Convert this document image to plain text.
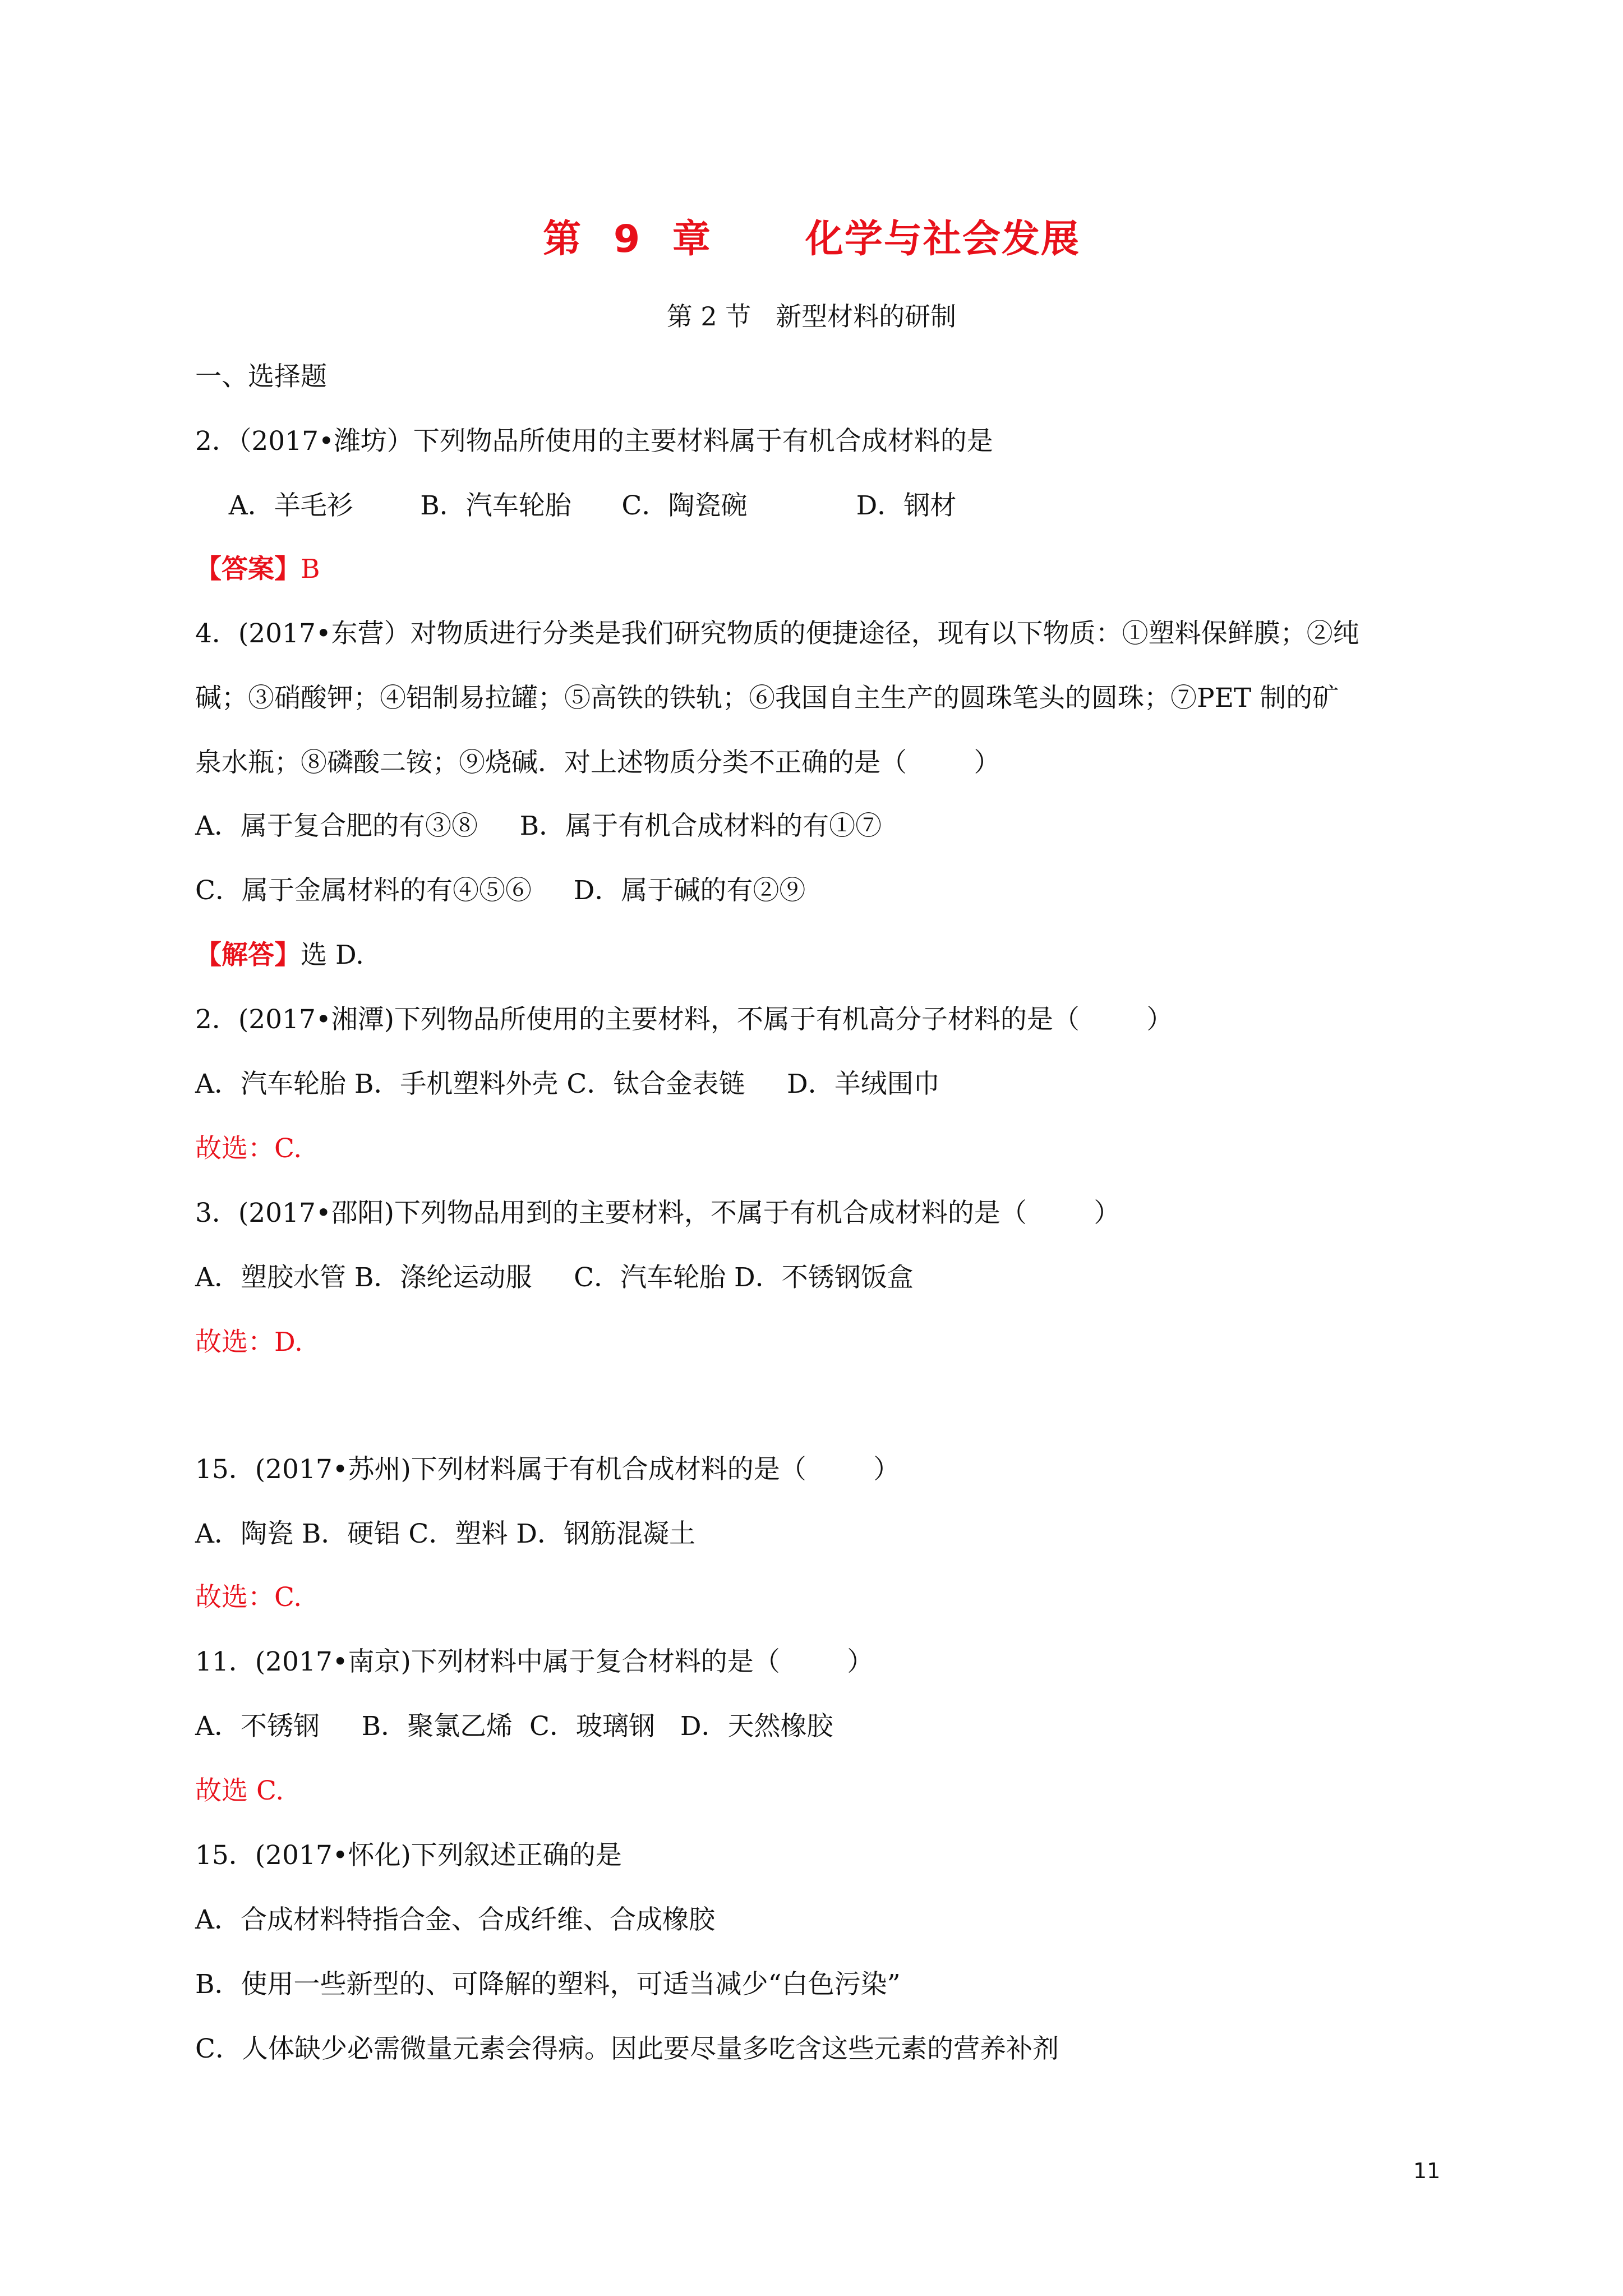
第 9 章   化学与社会发展
第 2 节   新型材料的研制
一、选择题
2．（2017•潍坊）下列物品所使用的主要材料属于有机合成材料的是
A．羊毛衫        B．汽车轮胎      C．陶瓷碗             D．钢材
【答案】B
4．(2017•东营）对物质进行分类是我们研究物质的便捷途径，现有以下物质：①塑料保鲜膜；②纯
碱；③硝酸钾；④铝制易拉罐；⑤高铁的铁轨；⑥我国自主生产的圆珠笔头的圆珠；⑦PET 制的矿
泉水瓶；⑧磷酸二铵；⑨烧碱．对上述物质分类不正确的是（        ）
A．属于复合肥的有③⑧     B．属于有机合成材料的有①⑦
C．属于金属材料的有④⑤⑥     D．属于碱的有②⑨
【解答】选 D.
2．(2017•湘潭)下列物品所使用的主要材料，不属于有机高分子材料的是（        ）
A．汽车轮胎 B．手机塑料外壳 C．钛合金表链     D．羊绒围巾
故选：C.
3．(2017•邵阳)下列物品用到的主要材料，不属于有机合成材料的是（        ）
A．塑胶水管 B．涤纶运动服     C．汽车轮胎 D．不锈钢饭盒
故选：D.
15．(2017•苏州)下列材料属于有机合成材料的是（        ）
A．陶瓷 B．硬铝 C．塑料 D．钢筋混凝土
故选：C.
11．(2017•南京)下列材料中属于复合材料的是（        ）
A．不锈钢     B．聚氯乙烯  C．玻璃钢   D．天然橡胶
故选 C.
15．(2017•怀化)下列叙述正确的是
A．合成材料特指合金、合成纤维、合成橡胶
B．使用一些新型的、可降解的塑料，可适当减少“白色污染”
C．人体缺少必需微量元素会得病。因此要尽量多吃含这些元素的营养补剂
11
